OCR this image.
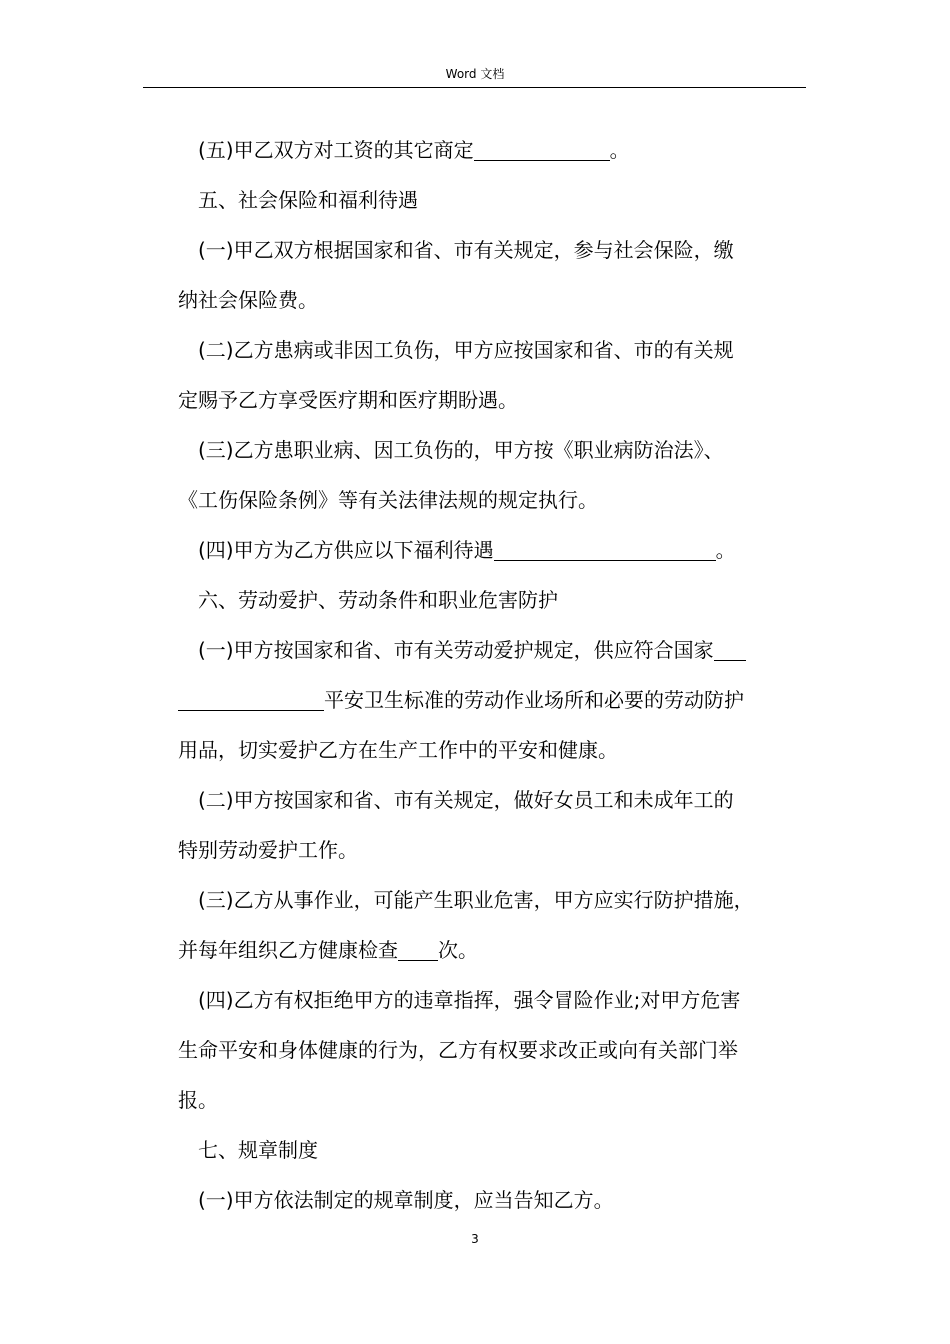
Word 文档

(五)甲乙双方对工资的其它商定	。

五、社会保险和福利待遇

(一)甲乙双方根据国家和省、市有关规定，参与社会保险，缴

纳社会保险费。

(二)乙方患病或非因工负伤，甲方应按国家和省、市的有关规

定赐予乙方享受医疗期和医疗期盼遇。

(三)乙方患职业病、因工负伤的，甲方按《职业病防治法》、

《工伤保险条例》等有关法律法规的规定执行。

(四)甲方为乙方供应以下福利待遇	。

六、劳动爱护、劳动条件和职业危害防护

(一)甲方按国家和省、市有关劳动爱护规定，供应符合国家

平安卫生标准的劳动作业场所和必要的劳动防护

用品，切实爱护乙方在生产工作中的平安和健康。

(二)甲方按国家和省、市有关规定，做好女员工和未成年工的

特别劳动爱护工作。

(三)乙方从事作业，可能产生职业危害，甲方应实行防护措施，

并每年组织乙方健康检查 次。

(四)乙方有权拒绝甲方的违章指挥，强令冒险作业;对甲方危害

生命平安和身体健康的行为，乙方有权要求改正或向有关部门举

报。

七、规章制度

(一)甲方依法制定的规章制度，应当告知乙方。

3
